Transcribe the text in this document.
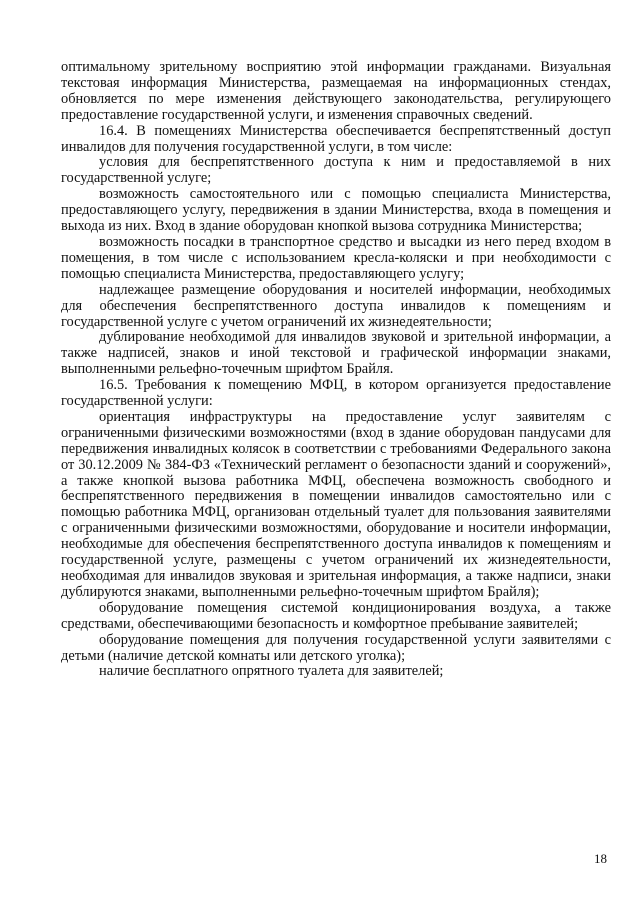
оптимальному зрительному восприятию этой информации гражданами. Визуальная текстовая информация Министерства, размещаемая на информационных стендах, обновляется по мере изменения действующего законодательства, регулирующего предоставление государственной услуги, и изменения справочных сведений.

16.4. В помещениях Министерства обеспечивается беспрепятственный доступ инвалидов для получения государственной услуги, в том числе:

условия для беспрепятственного доступа к ним и предоставляемой в них государственной услуге;

возможность самостоятельного или с помощью специалиста Министерства, предоставляющего услугу, передвижения в здании Министерства, входа в помещения и выхода из них. Вход в здание оборудован кнопкой вызова сотрудника Министерства;

возможность посадки в транспортное средство и высадки из него перед входом в помещения, в том числе с использованием кресла-коляски и при необходимости с помощью специалиста Министерства, предоставляющего услугу;

надлежащее размещение оборудования и носителей информации, необходимых для обеспечения беспрепятственного доступа инвалидов к помещениям и государственной услуге с учетом ограничений их жизнедеятельности;

дублирование необходимой для инвалидов звуковой и зрительной информации, а также надписей, знаков и иной текстовой и графической информации знаками, выполненными рельефно-точечным шрифтом Брайля.

16.5. Требования к помещению МФЦ, в котором организуется предоставление государственной услуги:

ориентация инфраструктуры на предоставление услуг заявителям с ограниченными физическими возможностями (вход в здание оборудован пандусами для передвижения инвалидных колясок в соответствии с требованиями Федерального закона от 30.12.2009 № 384-ФЗ «Технический регламент о безопасности зданий и сооружений», а также кнопкой вызова работника МФЦ, обеспечена возможность свободного и беспрепятственного передвижения в помещении инвалидов самостоятельно или с помощью работника МФЦ, организован отдельный туалет для пользования заявителями с ограниченными физическими возможностями, оборудование и носители информации, необходимые для обеспечения беспрепятственного доступа инвалидов к помещениям и государственной услуге, размещены с учетом ограничений их жизнедеятельности, необходимая для инвалидов звуковая и зрительная информация, а также надписи, знаки дублируются знаками, выполненными рельефно-точечным шрифтом Брайля);

оборудование помещения системой кондиционирования воздуха, а также средствами, обеспечивающими безопасность и комфортное пребывание заявителей;

оборудование помещения для получения государственной услуги заявителями с детьми (наличие детской комнаты или детского уголка);

наличие бесплатного опрятного туалета для заявителей;

18
